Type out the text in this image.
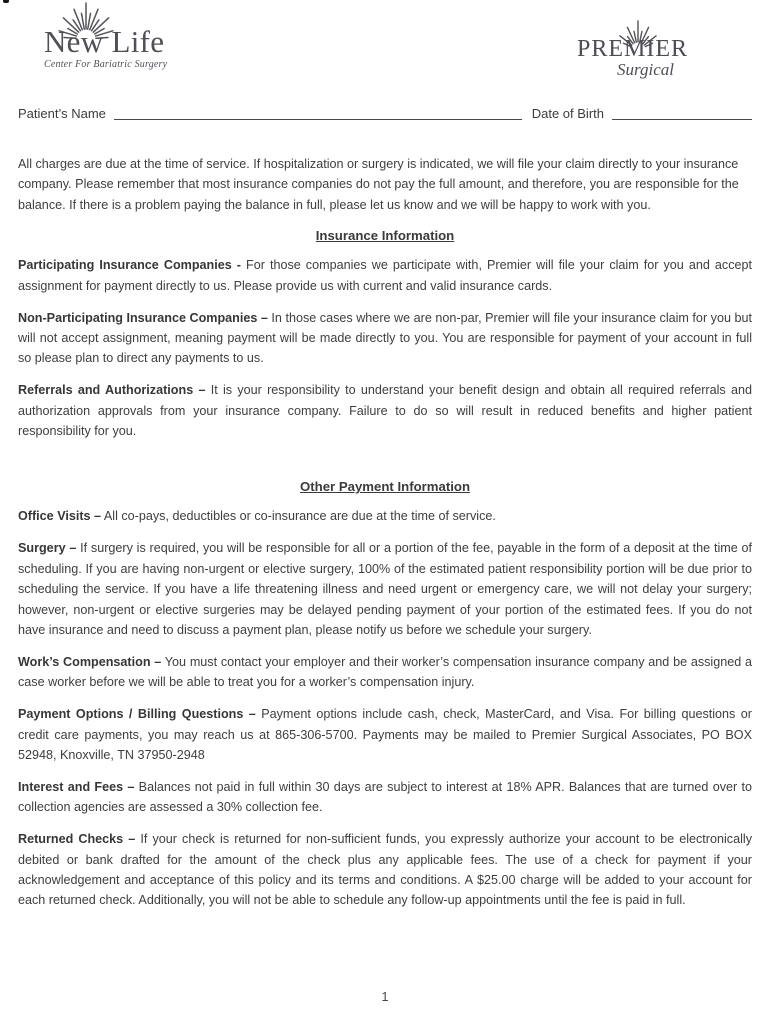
New Life
Center For Bariatric Surgery
PREMIER
Surgical
Patient’s Name	Date of Birth

All charges are due at the time of service. If hospitalization or surgery is indicated, we will file your claim directly to your insurance company. Please remember that most insurance companies do not pay the full amount, and therefore, you are responsible for the balance. If there is a problem paying the balance in full, please let us know and we will be happy to work with you.

Insurance Information

Participating Insurance Companies - For those companies we participate with, Premier will file your claim for you and accept assignment for payment directly to us. Please provide us with current and valid insurance cards.

Non-Participating Insurance Companies – In those cases where we are non-par, Premier will file your insurance claim for you but will not accept assignment, meaning payment will be made directly to you. You are responsible for payment of your account in full so please plan to direct any payments to us.

Referrals and Authorizations – It is your responsibility to understand your benefit design and obtain all required referrals and authorization approvals from your insurance company. Failure to do so will result in reduced benefits and higher patient responsibility for you.

Other Payment Information

Office Visits – All co-pays, deductibles or co-insurance are due at the time of service.

Surgery – If surgery is required, you will be responsible for all or a portion of the fee, payable in the form of a deposit at the time of scheduling. If you are having non-urgent or elective surgery, 100% of the estimated patient responsibility portion will be due prior to scheduling the service. If you have a life threatening illness and need urgent or emergency care, we will not delay your surgery; however, non-urgent or elective surgeries may be delayed pending payment of your portion of the estimated fees. If you do not have insurance and need to discuss a payment plan, please notify us before we schedule your surgery.

Work’s Compensation – You must contact your employer and their worker’s compensation insurance company and be assigned a case worker before we will be able to treat you for a worker’s compensation injury.

Payment Options / Billing Questions – Payment options include cash, check, MasterCard, and Visa. For billing questions or credit care payments, you may reach us at 865-306-5700. Payments may be mailed to Premier Surgical Associates, PO BOX 52948, Knoxville, TN 37950-2948

Interest and Fees – Balances not paid in full within 30 days are subject to interest at 18% APR. Balances that are turned over to collection agencies are assessed a 30% collection fee.

Returned Checks – If your check is returned for non-sufficient funds, you expressly authorize your account to be electronically debited or bank drafted for the amount of the check plus any applicable fees. The use of a check for payment if your acknowledgement and acceptance of this policy and its terms and conditions. A $25.00 charge will be added to your account for each returned check. Additionally, you will not be able to schedule any follow-up appointments until the fee is paid in full.

1
